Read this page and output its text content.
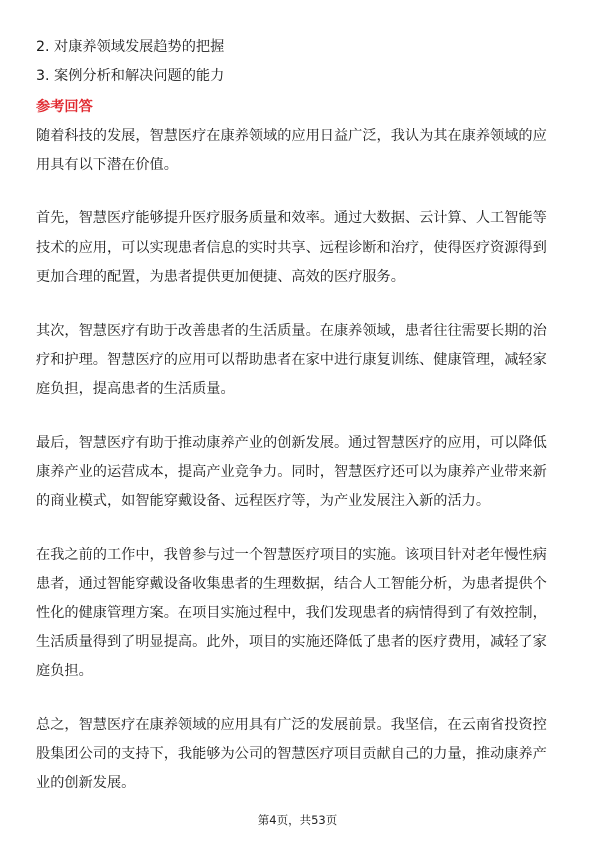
2. 对康养领域发展趋势的把握
3. 案例分析和解决问题的能力
参考回答
随着科技的发展，智慧医疗在康养领域的应用日益广泛，我认为其在康养领域的应
用具有以下潜在价值。
首先，智慧医疗能够提升医疗服务质量和效率。通过大数据、云计算、人工智能等
技术的应用，可以实现患者信息的实时共享、远程诊断和治疗，使得医疗资源得到
更加合理的配置，为患者提供更加便捷、高效的医疗服务。
其次，智慧医疗有助于改善患者的生活质量。在康养领域，患者往往需要长期的治
疗和护理。智慧医疗的应用可以帮助患者在家中进行康复训练、健康管理，减轻家
庭负担，提高患者的生活质量。
最后，智慧医疗有助于推动康养产业的创新发展。通过智慧医疗的应用，可以降低
康养产业的运营成本，提高产业竞争力。同时，智慧医疗还可以为康养产业带来新
的商业模式，如智能穿戴设备、远程医疗等，为产业发展注入新的活力。
在我之前的工作中，我曾参与过一个智慧医疗项目的实施。该项目针对老年慢性病
患者，通过智能穿戴设备收集患者的生理数据，结合人工智能分析，为患者提供个
性化的健康管理方案。在项目实施过程中，我们发现患者的病情得到了有效控制，
生活质量得到了明显提高。此外，项目的实施还降低了患者的医疗费用，减轻了家
庭负担。
总之，智慧医疗在康养领域的应用具有广泛的发展前景。我坚信，在云南省投资控
股集团公司的支持下，我能够为公司的智慧医疗项目贡献自己的力量，推动康养产
业的创新发展。
第4页，共53页
